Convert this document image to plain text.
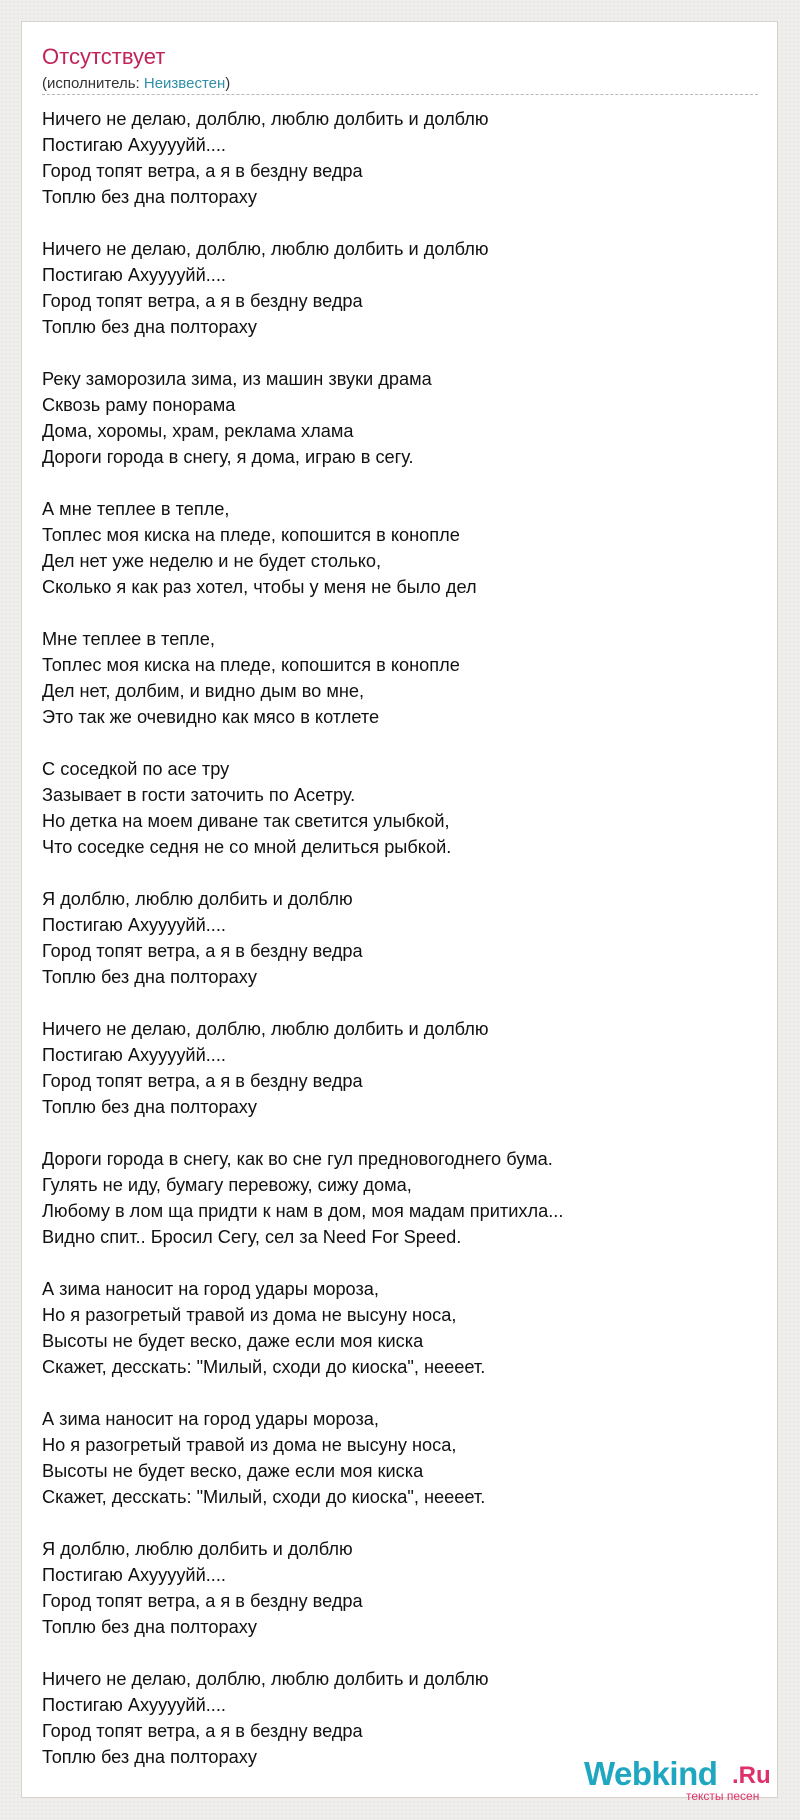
Отсутствует
(исполнитель: Неизвестен)
Ничего не делаю, долблю, люблю долбить и долблю
Постигаю Ахууууйй....
Город топят ветра, а я в бездну ведра
Топлю без дна полтораху
Ничего не делаю, долблю, люблю долбить и долблю
Постигаю Ахууууйй....
Город топят ветра, а я в бездну ведра
Топлю без дна полтораху
Реку заморозила зима, из машин звуки драма
Сквозь раму понорама
Дома, хоромы, храм, реклама хлама
Дороги города в снегу, я дома, играю в сегу.
А мне теплее в тепле,
Топлес моя киска на пледе, копошится в конопле
Дел нет уже неделю и не будет столько,
Сколько я как раз хотел, чтобы у меня не было дел
Мне теплее в тепле,
Топлес моя киска на пледе, копошится в конопле
Дел нет, долбим, и видно дым во мне,
Это так же очевидно как мясо в котлете
С соседкой по асе тру
Зазывает в гости заточить по Асетру.
Но детка на моем диване так светится улыбкой,
Что соседке седня не со мной делиться рыбкой.
Я долблю, люблю долбить и долблю
Постигаю Ахууууйй....
Город топят ветра, а я в бездну ведра
Топлю без дна полтораху
Ничего не делаю, долблю, люблю долбить и долблю
Постигаю Ахууууйй....
Город топят ветра, а я в бездну ведра
Топлю без дна полтораху
Дороги города в снегу, как во сне гул предновогоднего бума.
Гулять не иду, бумагу перевожу, сижу дома,
Любому в лом ща придти к нам в дом, моя мадам притихла...
Видно спит.. Бросил Сегу, сел за Need For Speed.
А зима наносит на город удары мороза,
Но я разогретый травой из дома не высуну носа,
Высоты не будет веско, даже если моя киска
Скажет, десскать: "Милый, сходи до киоска", неееет.
А зима наносит на город удары мороза,
Но я разогретый травой из дома не высуну носа,
Высоты не будет веско, даже если моя киска
Скажет, десскать: "Милый, сходи до киоска", неееет.
Я долблю, люблю долбить и долблю
Постигаю Ахууууйй....
Город топят ветра, а я в бездну ведра
Топлю без дна полтораху
Ничего не делаю, долблю, люблю долбить и долблю
Постигаю Ахууууйй....
Город топят ветра, а я в бездну ведра
Топлю без дна полтораху	Webkind .Ru
тексты песен
